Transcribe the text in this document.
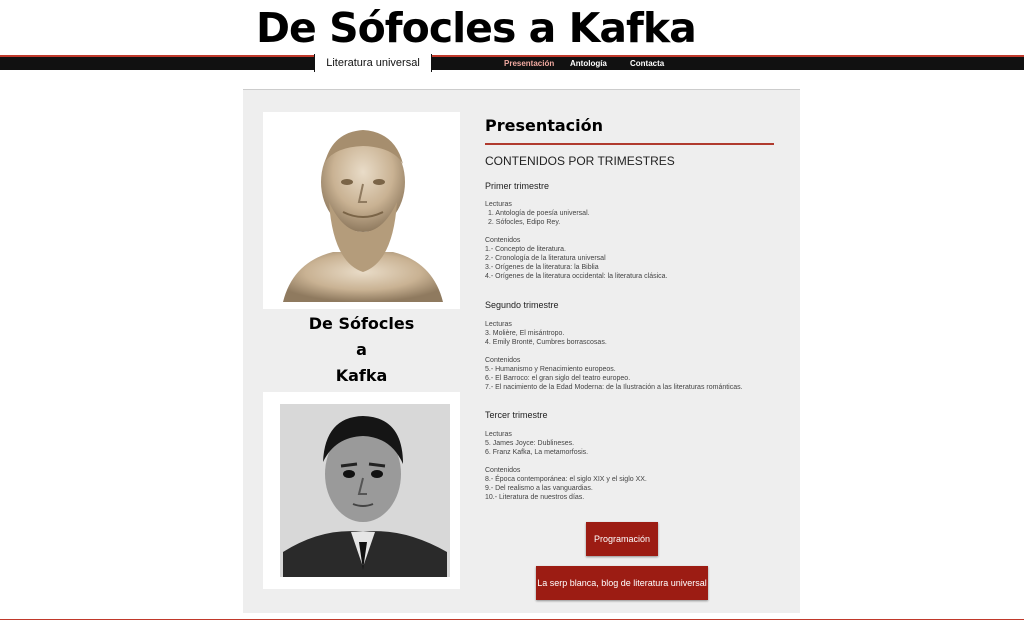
De Sófocles a Kafka
Literatura universal	Presentación Antología	Contacta
De Sófocles
a
Kafka
Presentación
CONTENIDOS POR TRIMESTRES
Primer trimestre
Lecturas
1. Antología de poesía universal.
2. Sófocles, Edipo Rey.
Contenidos
1.- Concepto de literatura.
2.- Cronología de la literatura universal
3.- Orígenes de la literatura: la Biblia
4.- Orígenes de la literatura occidental: la literatura clásica.
Segundo trimestre
Lecturas
3. Molière, El misántropo.
4. Emily Brontë, Cumbres borrascosas.
Contenidos
5.- Humanismo y Renacimiento europeos.
6.- El Barroco: el gran siglo del teatro europeo.
7.- El nacimiento de la Edad Moderna: de la Ilustración a las literaturas románticas.
Tercer trimestre
Lecturas
5. James Joyce: Dublineses.
6. Franz Kafka, La metamorfosis.
Contenidos
8.- Época contemporánea: el siglo XIX y el siglo XX.
9.- Del realismo a las vanguardias.
10.- Literatura de nuestros días.
Programación
La serp blanca, blog de literatura universal
